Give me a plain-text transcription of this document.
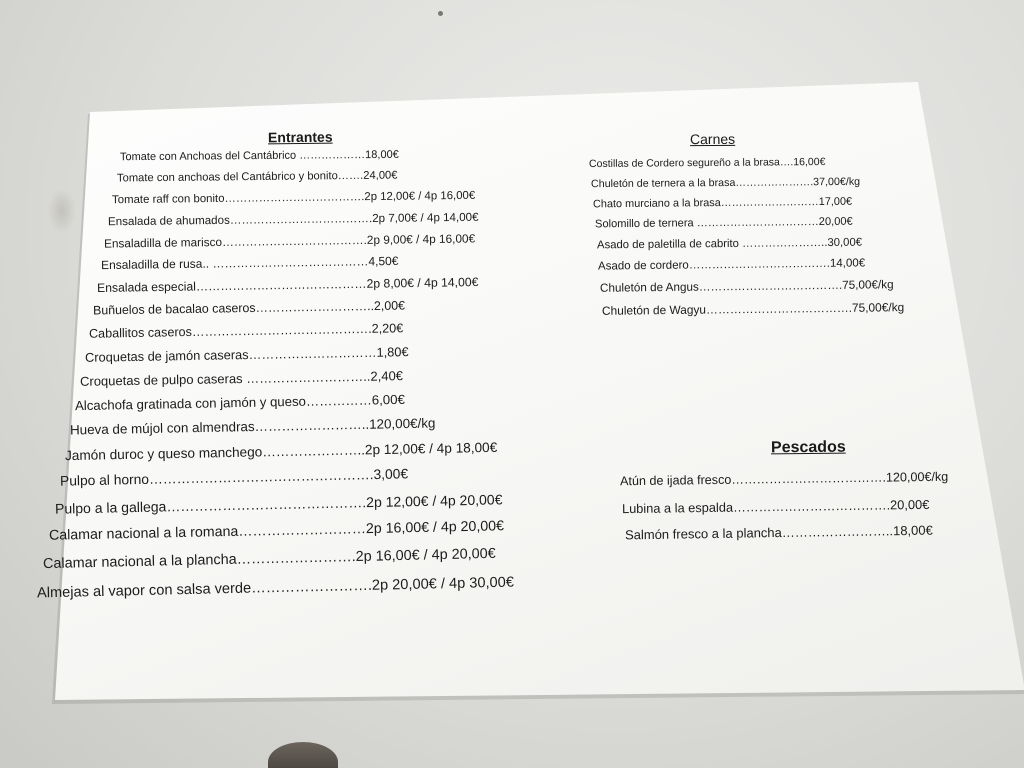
Entrantes

Tomate con Anchoas del Cantábrico ………………18,00€

Tomate con anchoas del Cantábrico y bonito…….24,00€

Tomate raff con bonito……………………………….2p 12,00€ / 4p 16,00€

Ensalada de ahumados……………………………….2p 7,00€ / 4p 14,00€

Ensaladilla de marisco……………………………….2p 9,00€ / 4p 16,00€

Ensaladilla de rusa.. …………………………………4,50€

Ensalada especial……………………………………2p 8,00€ / 4p 14,00€

Buñuelos de bacalao caseros………………………..2,00€

Caballitos caseros…………………………………….2,20€

Croquetas de jamón caseras…………………………1,80€

Croquetas de pulpo caseras ………………………..2,40€

Alcachofa gratinada con jamón y queso……………6,00€

Hueva de mújol con almendras……………………..120,00€/kg

Jamón duroc y queso manchego…………………..2p 12,00€ / 4p 18,00€

Pulpo al horno………………………………………….3,00€

Pulpo a la gallega…………………………………….2p 12,00€ / 4p 20,00€

Calamar nacional a la romana………………………2p 16,00€ / 4p 20,00€

Calamar nacional a la plancha…………………….2p 16,00€ / 4p 20,00€

Almejas al vapor con salsa verde…………………….2p 20,00€ / 4p 30,00€

Carnes

Costillas de Cordero segureño a la brasa….16,00€

Chuletón de ternera a la brasa………………….37,00€/kg

Chato murciano a la brasa………………………17,00€

Solomillo de ternera ……………………………20,00€

Asado de paletilla de cabrito …………………..30,00€

Asado de cordero……………………………….14,00€

Chuletón de Angus……………………………….75,00€/kg

Chuletón de Wagyu……………………………….75,00€/kg

Pescados

Atún de ijada fresco……………………………….120,00€/kg

Lubina a la espalda……………………………….20,00€

Salmón fresco a la plancha……………………..18,00€
